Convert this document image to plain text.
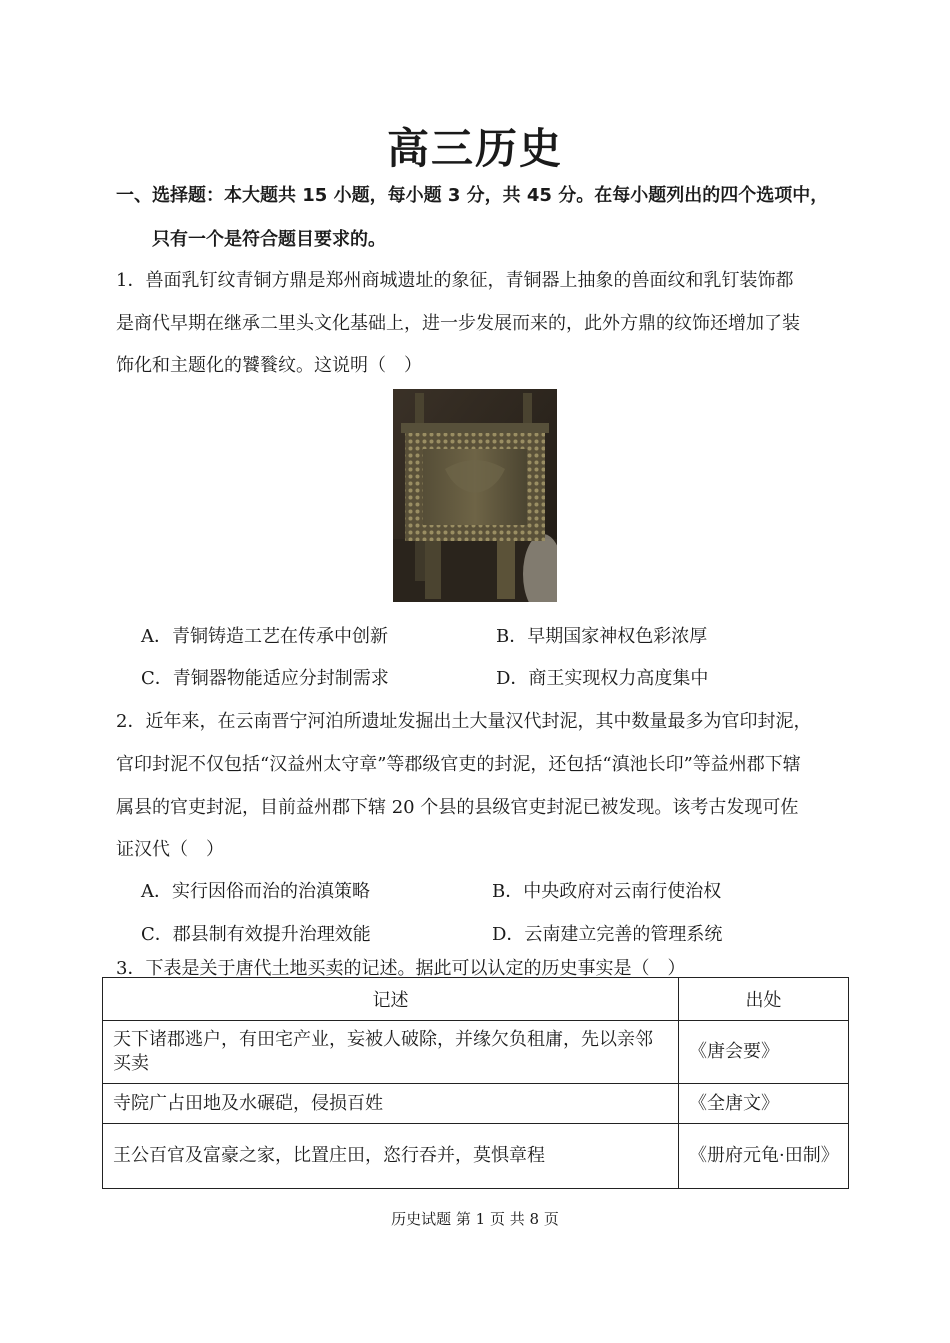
高三历史
一、选择题：本大题共 15 小题，每小题 3 分，共 45 分。在每小题列出的四个选项中，
只有一个是符合题目要求的。
1．兽面乳钉纹青铜方鼎是郑州商城遗址的象征，青铜器上抽象的兽面纹和乳钉装饰都
是商代早期在继承二里头文化基础上，进一步发展而来的，此外方鼎的纹饰还增加了装
饰化和主题化的饕餮纹。这说明（　）
A．青铜铸造工艺在传承中创新	B．早期国家神权色彩浓厚
C．青铜器物能适应分封制需求	D．商王实现权力高度集中
2．近年来，在云南晋宁河泊所遗址发掘出土大量汉代封泥，其中数量最多为官印封泥，
官印封泥不仅包括“汉益州太守章”等郡级官吏的封泥，还包括“滇池长印”等益州郡下辖
属县的官吏封泥，目前益州郡下辖 20 个县的县级官吏封泥已被发现。该考古发现可佐
证汉代（　）
A．实行因俗而治的治滇策略	B．中央政府对云南行使治权
C．郡县制有效提升治理效能	D．云南建立完善的管理系统
3．下表是关于唐代土地买卖的记述。据此可以认定的历史事实是（　）
记述	出处
天下诸郡逃户，有田宅产业，妄被人破除，并缘欠负租庸，先以亲邻买卖	《唐会要》
寺院广占田地及水碾硙，侵损百姓	《全唐文》
王公百官及富豪之家，比置庄田，恣行吞并，莫惧章程	《册府元龟·田制》
历史试题 第 1 页 共 8 页
